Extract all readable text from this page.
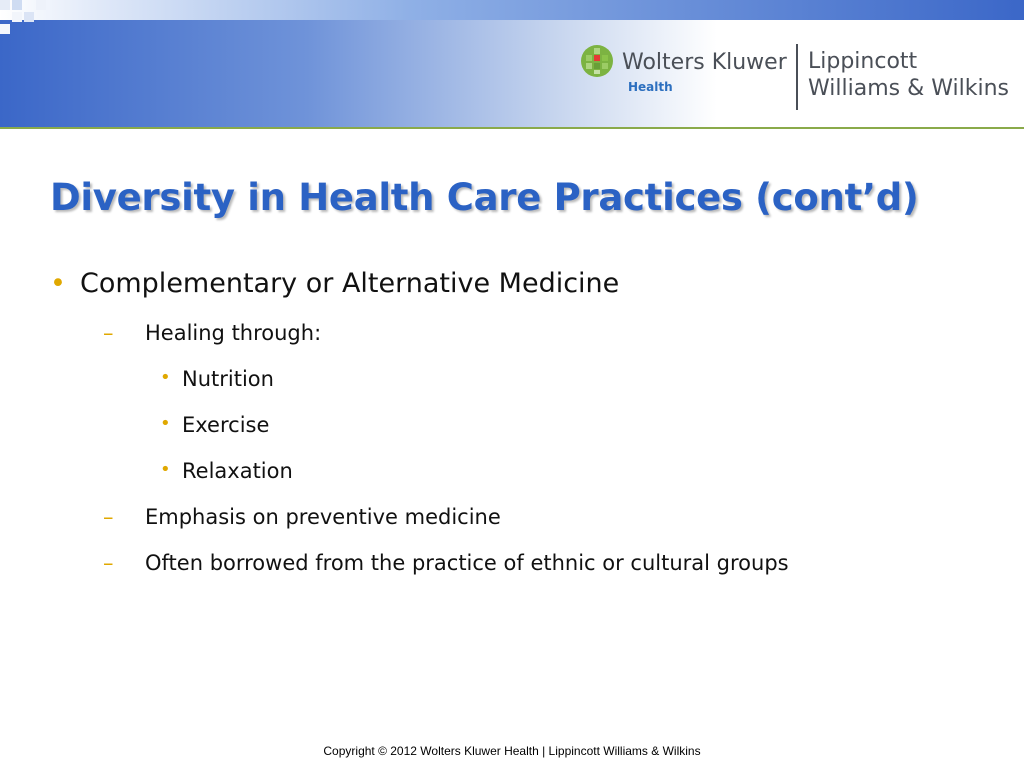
Wolters Kluwer
Health
Lippincott
Williams & Wilkins
Diversity in Health Care Practices (cont’d)
• Complementary or Alternative Medicine
– Healing through:
• Nutrition
• Exercise
• Relaxation
– Emphasis on preventive medicine
– Often borrowed from the practice of ethnic or cultural groups
Copyright © 2012 Wolters Kluwer Health | Lippincott Williams & Wilkins
